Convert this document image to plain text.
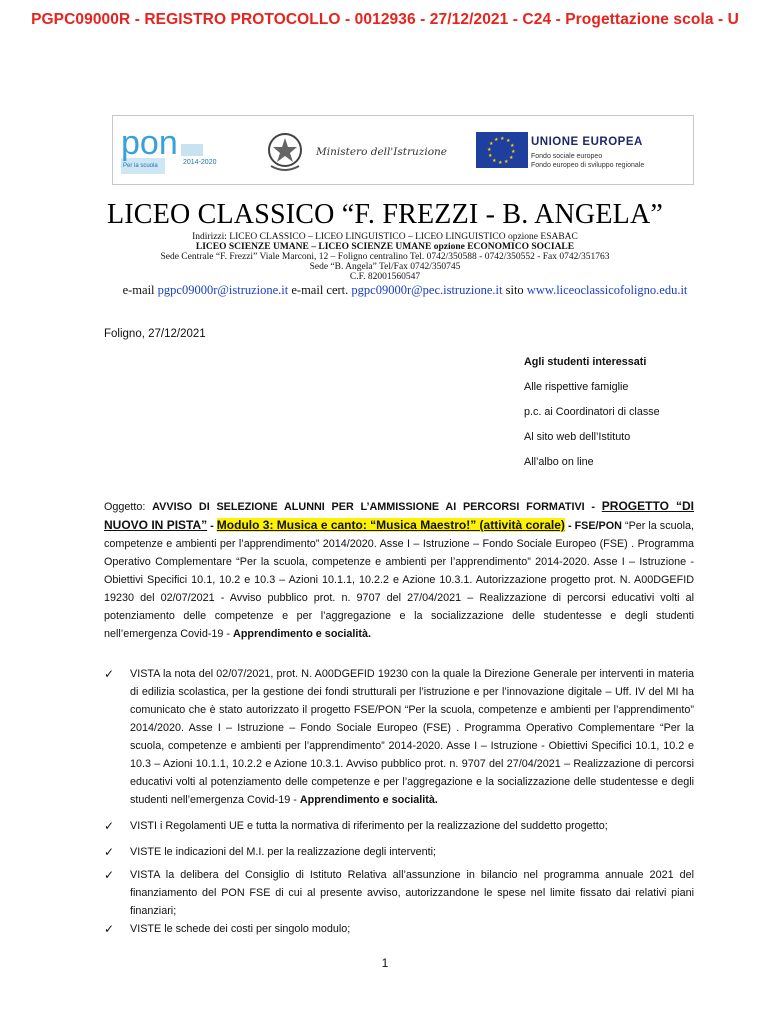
PGPC09000R - REGISTRO PROTOCOLLO - 0012936 - 27/12/2021 - C24 - Progettazione scola - U
pon
Per la scuola	2014-2020
Ministero dell'Istruzione
★ ★
★
★
★
★
★
★
★
★
★
★	UNIONE EUROPEA
Fondo sociale europeo
Fondo europeo di sviluppo regionale
LICEO CLASSICO “F. FREZZI - B. ANGELA”
Indirizzi: LICEO CLASSICO – LICEO LINGUISTICO – LICEO LINGUISTICO opzione ESABAC
LICEO SCIENZE UMANE – LICEO SCIENZE UMANE opzione ECONOMICO SOCIALE
Sede Centrale “F. Frezzi” Viale Marconi, 12 – Foligno centralino Tel. 0742/350588 - 0742/350552 - Fax 0742/351763
Sede “B. Angela” Tel/Fax 0742/350745
C.F. 82001560547
e-mail pgpc09000r@istruzione.it e-mail cert. pgpc09000r@pec.istruzione.it sito www.liceoclassicofoligno.edu.it
Foligno, 27/12/2021
Agli studenti interessati
Alle rispettive famiglie
p.c. ai Coordinatori di classe
Al sito web dell’Istituto
All’albo on line

Oggetto: AVVISO DI SELEZIONE ALUNNI PER L’AMMISSIONE AI PERCORSI FORMATIVI - PROGETTO “DI NUOVO IN PISTA” - Modulo 3: Musica e canto: “Musica Maestro!” (attività corale) - FSE/PON “Per la scuola, competenze e ambienti per l’apprendimento” 2014/2020. Asse I – Istruzione – Fondo Sociale Europeo (FSE) . Programma Operativo Complementare “Per la scuola, competenze e ambienti per l’apprendimento” 2014-2020. Asse I – Istruzione - Obiettivi Specifici 10.1, 10.2 e 10.3 – Azioni 10.1.1, 10.2.2 e Azione 10.3.1. Autorizzazione progetto prot. N. A00DGEFID 19230 del 02/07/2021 - Avviso pubblico prot. n. 9707 del 27/04/2021 – Realizzazione di percorsi educativi volti al potenziamento delle competenze e per l’aggregazione e la socializzazione delle studentesse e degli studenti nell’emergenza Covid-19 - Apprendimento e socialità.

✓	VISTA la nota del 02/07/2021, prot. N. A00DGEFID 19230 con la quale la Direzione Generale per interventi in materia di edilizia scolastica, per la gestione dei fondi strutturali per l’istruzione e per l’innovazione digitale – Uff. IV del MI ha comunicato che è stato autorizzato il progetto FSE/PON “Per la scuola, competenze e ambienti per l’apprendimento” 2014/2020. Asse I – Istruzione – Fondo Sociale Europeo (FSE) . Programma Operativo Complementare “Per la scuola, competenze e ambienti per l’apprendimento” 2014-2020. Asse I – Istruzione - Obiettivi Specifici 10.1, 10.2 e 10.3 – Azioni 10.1.1, 10.2.2 e Azione 10.3.1. Avviso pubblico prot. n. 9707 del 27/04/2021 – Realizzazione di percorsi educativi volti al potenziamento delle competenze e per l’aggregazione e la socializzazione delle studentesse e degli studenti nell’emergenza Covid-19 - Apprendimento e socialità.
✓	VISTI i Regolamenti UE e tutta la normativa di riferimento per la realizzazione del suddetto progetto;
✓	VISTE le indicazioni del M.I. per la realizzazione degli interventi;
✓	VISTA la delibera del Consiglio di Istituto Relativa all’assunzione in bilancio nel programma annuale 2021 del finanziamento del PON FSE di cui al presente avviso, autorizzandone le spese nel limite fissato dai relativi piani finanziari;
✓	VISTE le schede dei costi per singolo modulo;
1
